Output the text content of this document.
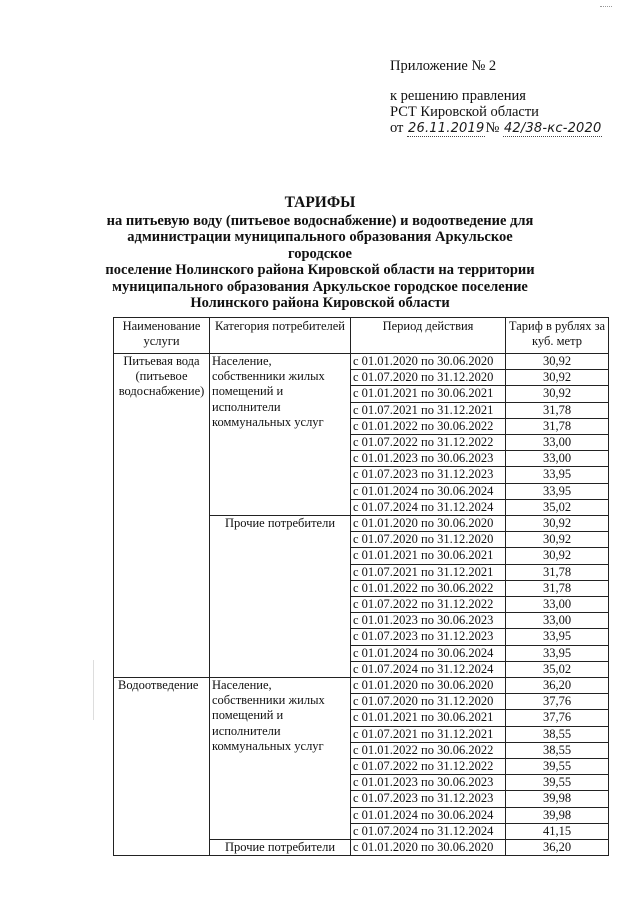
Приложение № 2
к решению правления
РСТ Кировской области
от 26.11.2019№ 42/38-кс-2020
ТАРИФЫ
на питьевую воду (питьевое водоснабжение) и водоотведение для
администрации муниципального образования Аркульское городское
поселение Нолинского района Кировской области на территории
муниципального образования Аркульское городское поселение
Нолинского района Кировской области
Наименование услуги	Категория потребителей	Период действия	Тариф в рублях за куб. метр
Питьевая вода (питьевое водоснабжение)	Население, собственники жилых помещений и исполнители коммунальных услуг	с 01.01.2020 по 30.06.2020	30,92
		с 01.07.2020 по 31.12.2020	30,92
		с 01.01.2021 по 30.06.2021	30,92
		с 01.07.2021 по 31.12.2021	31,78
		с 01.01.2022 по 30.06.2022	31,78
		с 01.07.2022 по 31.12.2022	33,00
		с 01.01.2023 по 30.06.2023	33,00
		с 01.07.2023 по 31.12.2023	33,95
		с 01.01.2024 по 30.06.2024	33,95
		с 01.07.2024 по 31.12.2024	35,02
	Прочие потребители	с 01.01.2020 по 30.06.2020	30,92
		с 01.07.2020 по 31.12.2020	30,92
		с 01.01.2021 по 30.06.2021	30,92
		с 01.07.2021 по 31.12.2021	31,78
		с 01.01.2022 по 30.06.2022	31,78
		с 01.07.2022 по 31.12.2022	33,00
		с 01.01.2023 по 30.06.2023	33,00
		с 01.07.2023 по 31.12.2023	33,95
		с 01.01.2024 по 30.06.2024	33,95
		с 01.07.2024 по 31.12.2024	35,02
Водоотведение	Население, собственники жилых помещений и исполнители коммунальных услуг	с 01.01.2020 по 30.06.2020	36,20
		с 01.07.2020 по 31.12.2020	37,76
		с 01.01.2021 по 30.06.2021	37,76
		с 01.07.2021 по 31.12.2021	38,55
		с 01.01.2022 по 30.06.2022	38,55
		с 01.07.2022 по 31.12.2022	39,55
		с 01.01.2023 по 30.06.2023	39,55
		с 01.07.2023 по 31.12.2023	39,98
		с 01.01.2024 по 30.06.2024	39,98
		с 01.07.2024 по 31.12.2024	41,15
	Прочие потребители	с 01.01.2020 по 30.06.2020	36,20
